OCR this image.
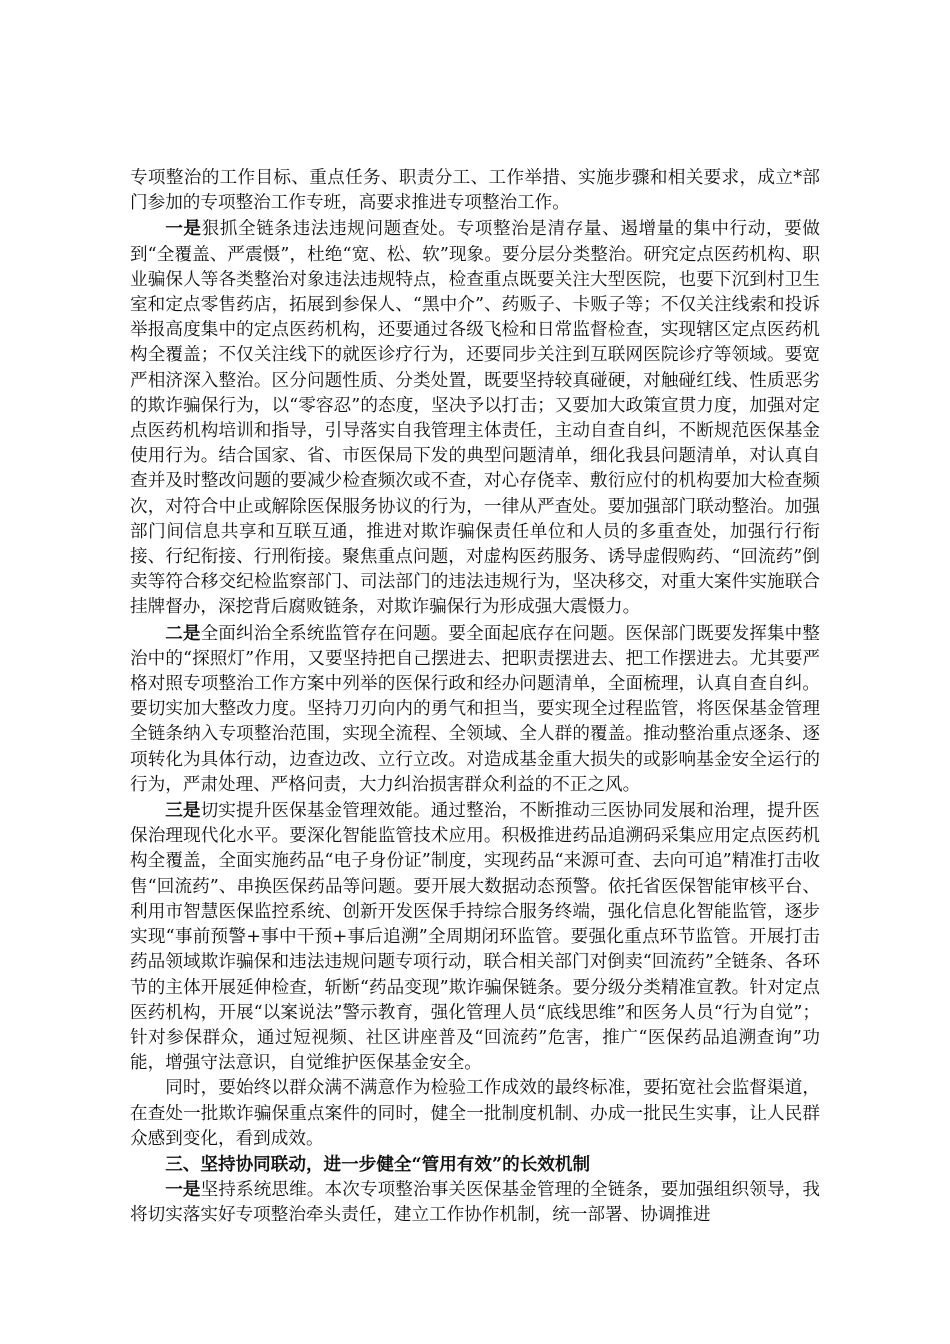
专项整治的工作目标、重点任务、职责分工、工作举措、实施步骤和相关要求，成立*部门参加的专项整治工作专班，高要求推进专项整治工作。

一是狠抓全链条违法违规问题查处。专项整治是清存量、遏增量的集中行动，要做到“全覆盖、严震慑”，杜绝“宽、松、软”现象。要分层分类整治。研究定点医药机构、职业骗保人等各类整治对象违法违规特点，检查重点既要关注大型医院，也要下沉到村卫生室和定点零售药店，拓展到参保人、“黑中介”、药贩子、卡贩子等；不仅关注线索和投诉举报高度集中的定点医药机构，还要通过各级飞检和日常监督检查，实现辖区定点医药机构全覆盖；不仅关注线下的就医诊疗行为，还要同步关注到互联网医院诊疗等领域。要宽严相济深入整治。区分问题性质、分类处置，既要坚持较真碰硬，对触碰红线、性质恶劣的欺诈骗保行为，以“零容忍”的态度，坚决予以打击；又要加大政策宣贯力度，加强对定点医药机构培训和指导，引导落实自我管理主体责任，主动自查自纠，不断规范医保基金使用行为。结合国家、省、市医保局下发的典型问题清单，细化我县问题清单，对认真自查并及时整改问题的要减少检查频次或不查，对心存侥幸、敷衍应付的机构要加大检查频次，对符合中止或解除医保服务协议的行为，一律从严查处。要加强部门联动整治。加强部门间信息共享和互联互通，推进对欺诈骗保责任单位和人员的多重查处，加强行行衔接、行纪衔接、行刑衔接。聚焦重点问题，对虚构医药服务、诱导虚假购药、“回流药”倒卖等符合移交纪检监察部门、司法部门的违法违规行为，坚决移交，对重大案件实施联合挂牌督办，深挖背后腐败链条，对欺诈骗保行为形成强大震慑力。

二是全面纠治全系统监管存在问题。要全面起底存在问题。医保部门既要发挥集中整治中的“探照灯”作用，又要坚持把自己摆进去、把职责摆进去、把工作摆进去。尤其要严格对照专项整治工作方案中列举的医保行政和经办问题清单，全面梳理，认真自查自纠。要切实加大整改力度。坚持刀刃向内的勇气和担当，要实现全过程监管，将医保基金管理全链条纳入专项整治范围，实现全流程、全领域、全人群的覆盖。推动整治重点逐条、逐项转化为具体行动，边查边改、立行立改。对造成基金重大损失的或影响基金安全运行的行为，严肃处理、严格问责，大力纠治损害群众利益的不正之风。

三是切实提升医保基金管理效能。通过整治，不断推动三医协同发展和治理，提升医保治理现代化水平。要深化智能监管技术应用。积极推进药品追溯码采集应用定点医药机构全覆盖，全面实施药品“电子身份证”制度，实现药品“来源可查、去向可追”精准打击收售“回流药”、串换医保药品等问题。要开展大数据动态预警。依托省医保智能审核平台、利用市智慧医保监控系统、创新开发医保手持综合服务终端，强化信息化智能监管，逐步实现“事前预警+事中干预+事后追溯”全周期闭环监管。要强化重点环节监管。开展打击药品领域欺诈骗保和违法违规问题专项行动，联合相关部门对倒卖“回流药”全链条、各环节的主体开展延伸检查，斩断“药品变现”欺诈骗保链条。要分级分类精准宣教。针对定点医药机构，开展“以案说法”警示教育，强化管理人员“底线思维”和医务人员“行为自觉”；针对参保群众，通过短视频、社区讲座普及“回流药”危害，推广“医保药品追溯查询”功能，增强守法意识，自觉维护医保基金安全。

同时，要始终以群众满不满意作为检验工作成效的最终标准，要拓宽社会监督渠道，在查处一批欺诈骗保重点案件的同时，健全一批制度机制、办成一批民生实事，让人民群众感到变化，看到成效。

三、坚持协同联动，进一步健全“管用有效”的长效机制

一是坚持系统思维。本次专项整治事关医保基金管理的全链条，要加强组织领导，我将切实落实好专项整治牵头责任，建立工作协作机制，统一部署、协调推进
